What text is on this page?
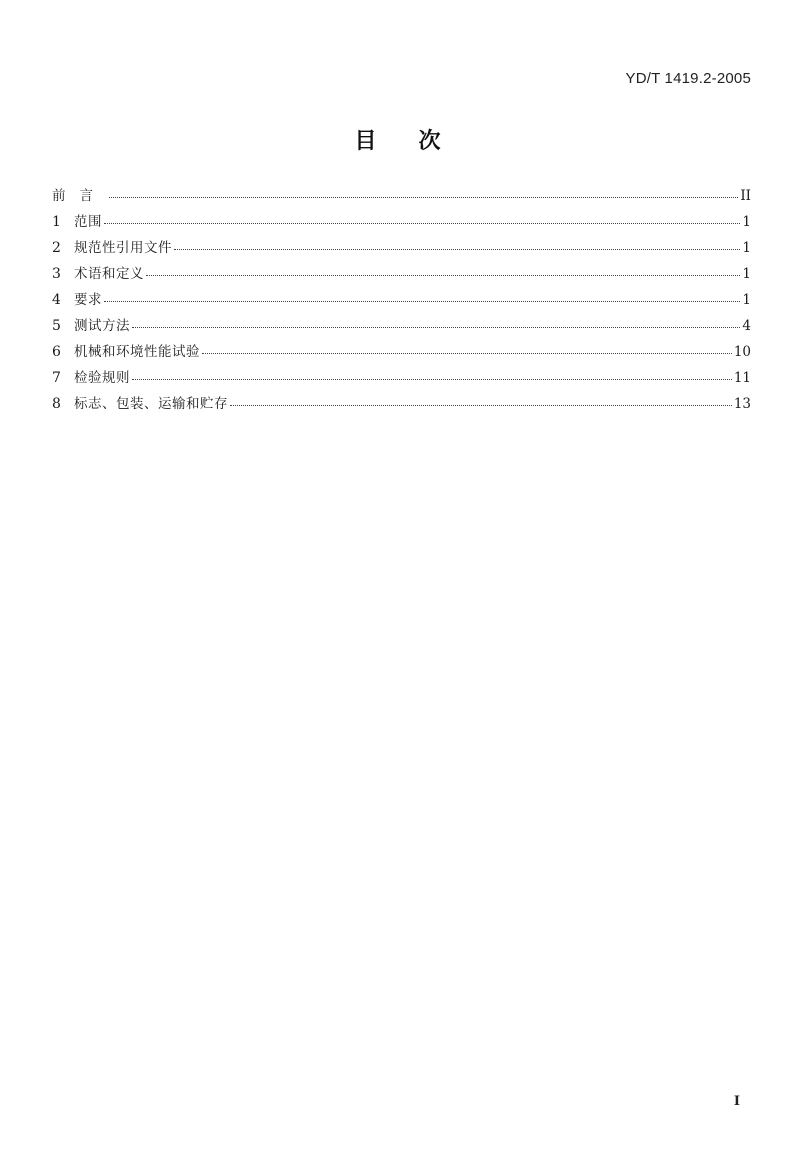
YD/T 1419.2-2005
目次
前言	II
1 范围	1
2 规范性引用文件	1
3 术语和定义	1
4 要求	1
5 测试方法	4
6 机械和环境性能试验	10
7 检验规则	11
8 标志、包装、运输和贮存	13
I
